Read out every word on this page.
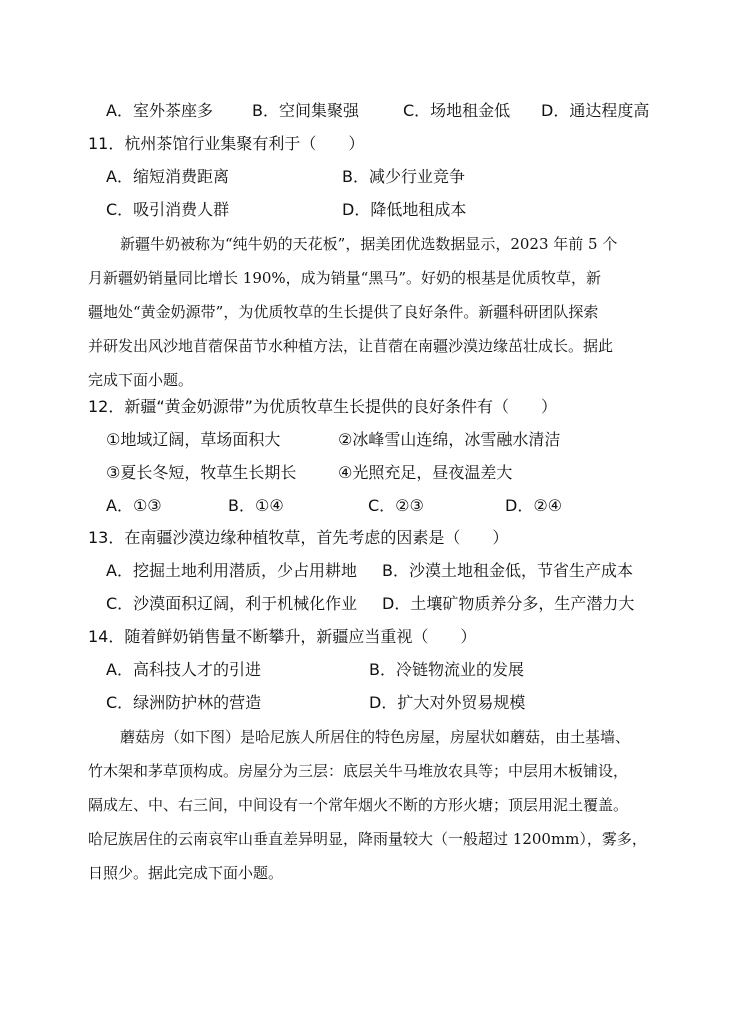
A．室外茶座多 B．空间集聚强	C．场地租金低 D．通达程度高
11．杭州茶馆行业集聚有利于（　　）
A．缩短消费距离	B．减少行业竞争
C．吸引消费人群	D．降低地租成本
新疆牛奶被称为“纯牛奶的天花板”，据美团优选数据显示，2023 年前 5 个
月新疆奶销量同比增长 190%，成为销量“黑马”。好奶的根基是优质牧草，新
疆地处“黄金奶源带”，为优质牧草的生长提供了良好条件。新疆科研团队探索
并研发出风沙地苜蓿保苗节水种植方法，让苜蓿在南疆沙漠边缘茁壮成长。据此
完成下面小题。
12．新疆“黄金奶源带”为优质牧草生长提供的良好条件有（　　）
①地域辽阔，草场面积大	②冰峰雪山连绵，冰雪融水清洁
③夏长冬短，牧草生长期长	④光照充足，昼夜温差大
A．①③	B．①④	C．②③	D．②④
13．在南疆沙漠边缘种植牧草，首先考虑的因素是（　　）
A．挖掘土地利用潜质，少占用耕地 B．沙漠土地租金低，节省生产成本
C．沙漠面积辽阔，利于机械化作业 D．土壤矿物质养分多，生产潜力大
14．随着鲜奶销售量不断攀升，新疆应当重视（　　）
A．高科技人才的引进	B．冷链物流业的发展
C．绿洲防护林的营造	D．扩大对外贸易规模
蘑菇房（如下图）是哈尼族人所居住的特色房屋，房屋状如蘑菇，由土基墙、
竹木架和茅草顶构成。房屋分为三层：底层关牛马堆放农具等；中层用木板铺设，
隔成左、中、右三间，中间设有一个常年烟火不断的方形火塘；顶层用泥土覆盖。
哈尼族居住的云南哀牢山垂直差异明显，降雨量较大（一般超过 1200mm），雾多，
日照少。据此完成下面小题。
